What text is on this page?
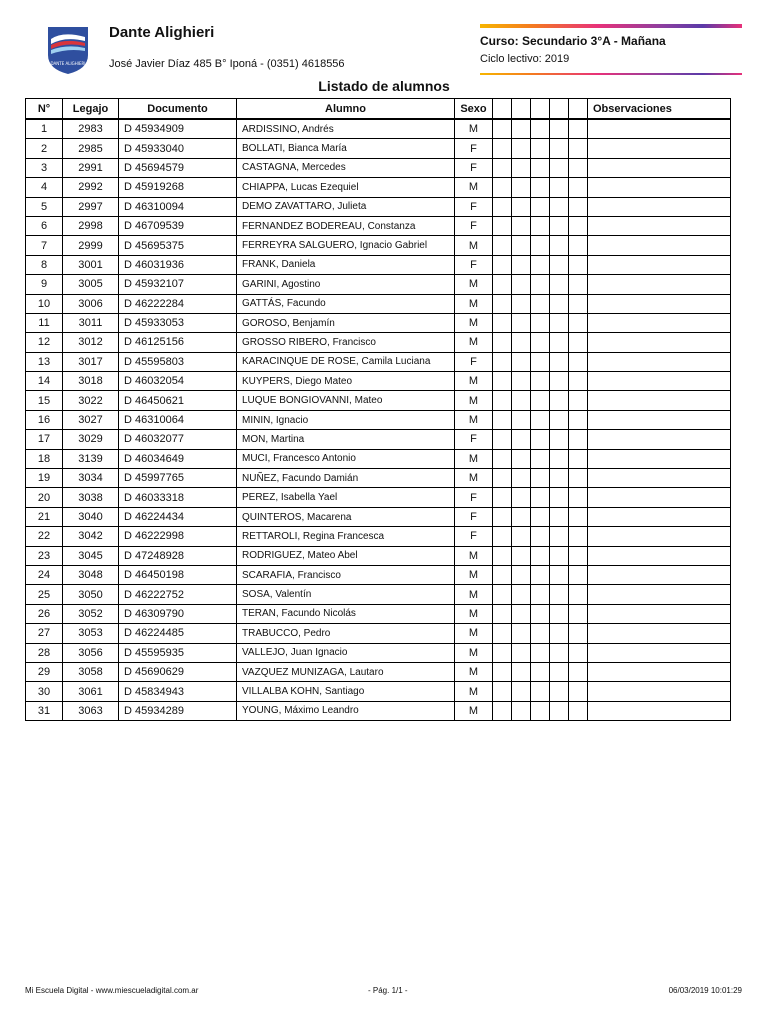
DANTE ALIGHIERI
Dante Alighieri
José Javier Díaz 485 B° Iponá - (0351) 4618556
Curso: Secundario 3°A - Mañana
Ciclo lectivo: 2019
Listado de alumnos
N°	Legajo	Documento	Alumno	Sexo						Observaciones
1	2983	D 45934909	ARDISSINO, Andrés	M						
2	2985	D 45933040	BOLLATI, Bianca María	F						
3	2991	D 45694579	CASTAGNA, Mercedes	F						
4	2992	D 45919268	CHIAPPA, Lucas Ezequiel	M						
5	2997	D 46310094	DEMO ZAVATTARO, Julieta	F						
6	2998	D 46709539	FERNANDEZ BODEREAU, Constanza	F						
7	2999	D 45695375	FERREYRA SALGUERO, Ignacio Gabriel	M						
8	3001	D 46031936	FRANK, Daniela	F						
9	3005	D 45932107	GARINI, Agostino	M						
10	3006	D 46222284	GATTÁS, Facundo	M						
11	3011	D 45933053	GOROSO, Benjamín	M						
12	3012	D 46125156	GROSSO RIBERO, Francisco	M						
13	3017	D 45595803	KARACINQUE DE ROSE, Camila Luciana	F						
14	3018	D 46032054	KUYPERS, Diego Mateo	M						
15	3022	D 46450621	LUQUE BONGIOVANNI, Mateo	M						
16	3027	D 46310064	MININ, Ignacio	M						
17	3029	D 46032077	MON, Martina	F						
18	3139	D 46034649	MUCI, Francesco Antonio	M						
19	3034	D 45997765	NUÑEZ, Facundo Damián	M						
20	3038	D 46033318	PEREZ, Isabella Yael	F						
21	3040	D 46224434	QUINTEROS, Macarena	F						
22	3042	D 46222998	RETTAROLI, Regina Francesca	F						
23	3045	D 47248928	RODRIGUEZ, Mateo Abel	M						
24	3048	D 46450198	SCARAFIA, Francisco	M						
25	3050	D 46222752	SOSA, Valentín	M						
26	3052	D 46309790	TERAN, Facundo Nicolás	M						
27	3053	D 46224485	TRABUCCO, Pedro	M						
28	3056	D 45595935	VALLEJO, Juan Ignacio	M						
29	3058	D 45690629	VAZQUEZ MUNIZAGA, Lautaro	M						
30	3061	D 45834943	VILLALBA KOHN, Santiago	M						
31	3063	D 45934289	YOUNG, Máximo Leandro	M						
Mi Escuela Digital - www.miescueladigital.com.ar	- Pág. 1/1 -	06/03/2019 10:01:29
